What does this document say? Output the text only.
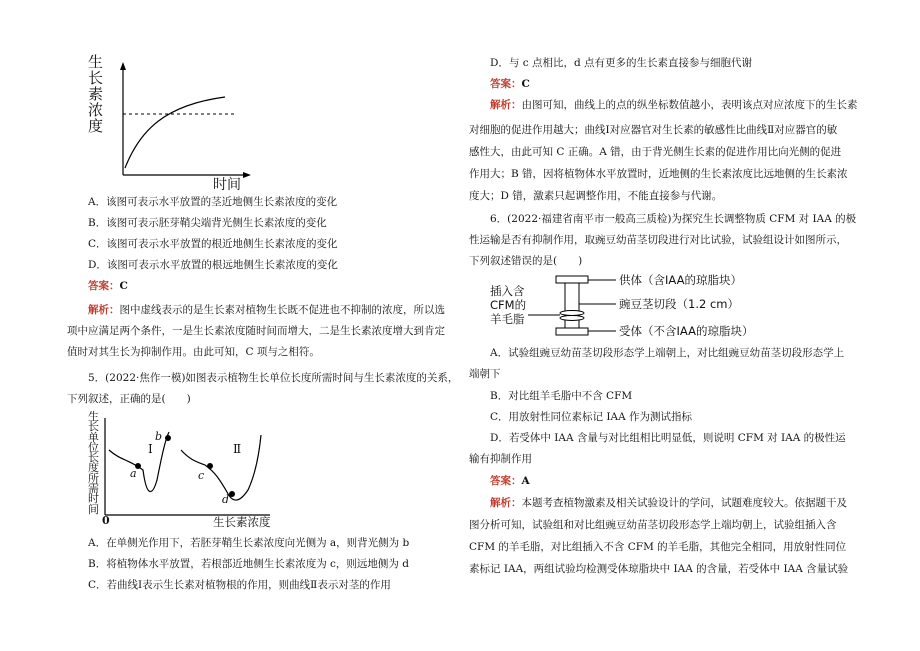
生
长
素
浓
度
时间
A．该图可表示水平放置的茎近地侧生长素浓度的变化
B．该图可表示胚芽鞘尖端背光侧生长素浓度的变化
C．该图可表示水平放置的根近地侧生长素浓度的变化
D．该图可表示水平放置的根远地侧生长素浓度的变化
答案：C
解析：图中虚线表示的是生长素对植物生长既不促进也不抑制的浓度，所以选
项中应满足两个条件，一是生长素浓度随时间而增大，二是生长素浓度增大到肯定
值时对其生长为抑制作用。由此可知，C 项与之相符。
5．(2022·焦作一模)如图表示植物生长单位长度所需时间与生长素浓度的关系，
下列叙述，正确的是(　　)
生
长
单
位
长
度
所
需
时
间
0	生长素浓度
Ⅰ	Ⅱ
a
b
c
d
A．在单侧光作用下，若胚芽鞘生长素浓度向光侧为 a，则背光侧为 b
B．将植物体水平放置，若根部近地侧生长素浓度为 c，则远地侧为 d
C．若曲线Ⅰ表示生长素对植物根的作用，则曲线Ⅱ表示对茎的作用
D．与 c 点相比，d 点有更多的生长素直接参与细胞代谢
答案：C
解析：由图可知，曲线上的点的纵坐标数值越小，表明该点对应浓度下的生长素
对细胞的促进作用越大；曲线Ⅰ对应器官对生长素的敏感性比曲线Ⅱ对应器官的敏
感性大，由此可知 C 正确。A 错，由于背光侧生长素的促进作用比向光侧的促进
作用大；B 错，因将植物体水平放置时，近地侧的生长素浓度比远地侧的生长素浓
度大；D 错，激素只起调整作用，不能直接参与代谢。
6．(2022·福建省南平市一般高三质检)为探究生长调整物质 CFM 对 IAA 的极
性运输是否有抑制作用，取豌豆幼苗茎切段进行对比试验，试验组设计如图所示，
下列叙述错误的是(　　)
插入含
CFM的
羊毛脂
供体（含IAA的琼脂块）
豌豆茎切段（1.2 cm）
受体（不含IAA的琼脂块）
A．试验组豌豆幼苗茎切段形态学上端朝上，对比组豌豆幼苗茎切段形态学上
端朝下
B．对比组羊毛脂中不含 CFM
C．用放射性同位素标记 IAA 作为测试指标
D．若受体中 IAA 含量与对比组相比明显低，则说明 CFM 对 IAA 的极性运
输有抑制作用
答案：A
解析：本题考查植物激素及相关试验设计的学问，试题难度较大。依据题干及
图分析可知，试验组和对比组豌豆幼苗茎切段形态学上端均朝上，试验组插入含
CFM 的羊毛脂，对比组插入不含 CFM 的羊毛脂，其他完全相同，用放射性同位
素标记 IAA，两组试验均检测受体琼脂块中 IAA 的含量，若受体中 IAA 含量试验
